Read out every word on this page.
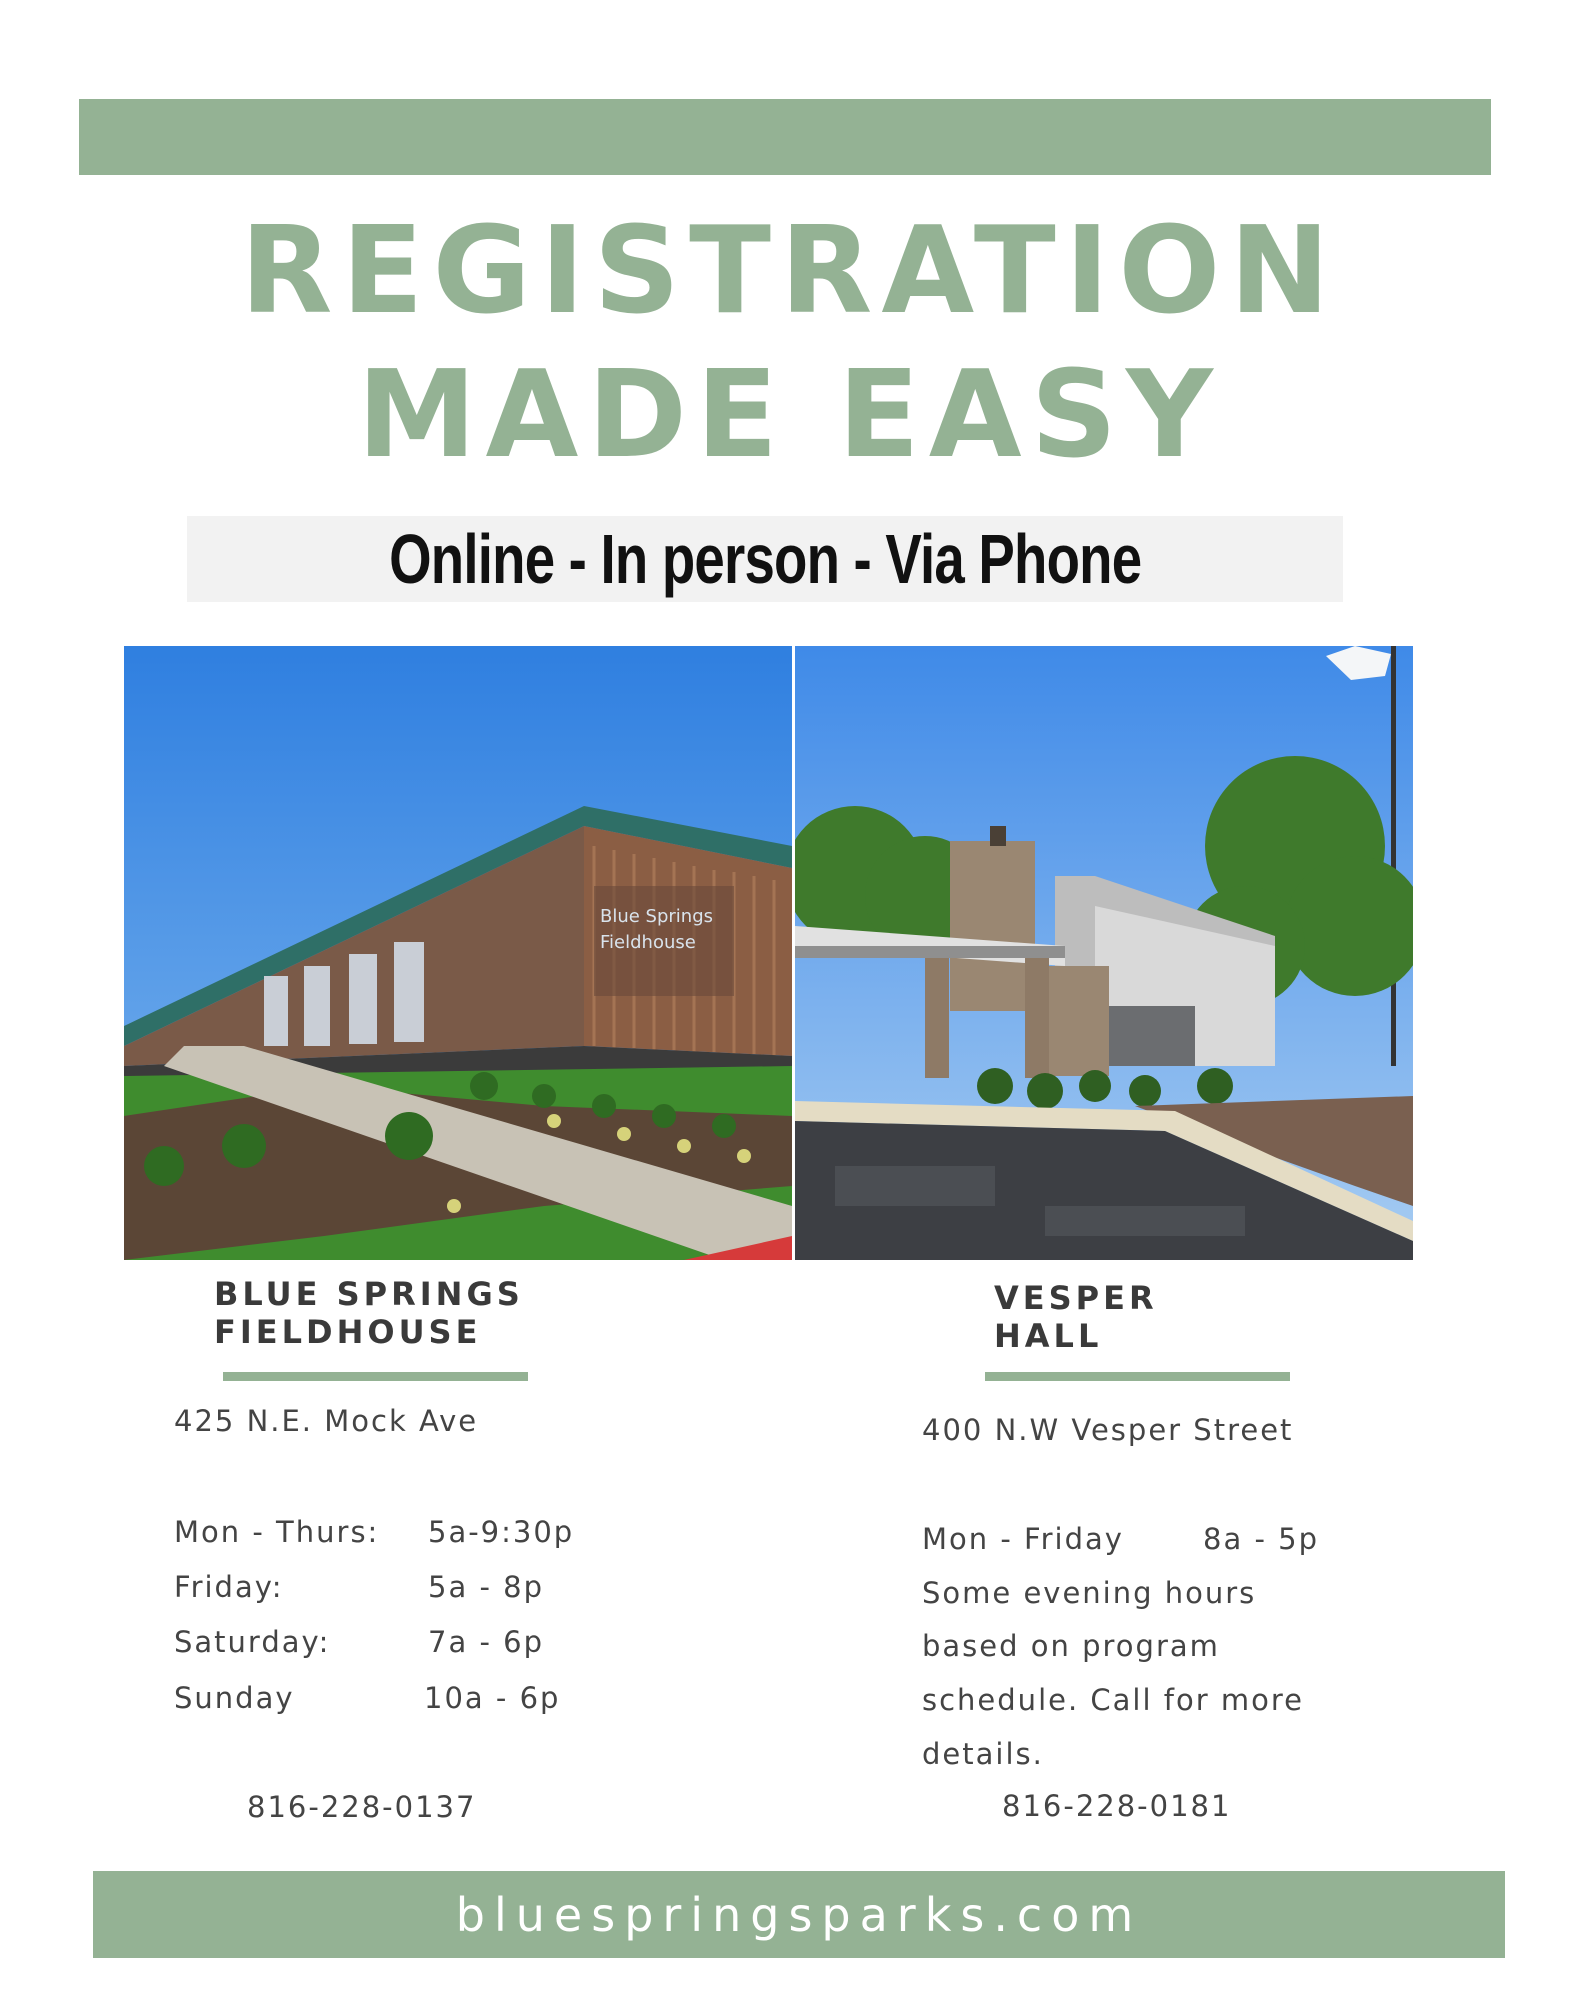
REGISTRATION
MADE EASY
Online - In person - Via Phone
Blue Springs
Fieldhouse
BLUE SPRINGS
FIELDHOUSE
425 N.E. Mock Ave
Mon - Thurs: 5a-9:30p
Friday:	5a - 8p
Saturday:	7a - 6p
Sunday	10a - 6p
816-228-0137
VESPER
HALL
400 N.W Vesper Street
Mon - Friday	8a - 5p
Some evening hours
based on program
schedule. Call for more
details.
816-228-0181
bluespringsparks.com
